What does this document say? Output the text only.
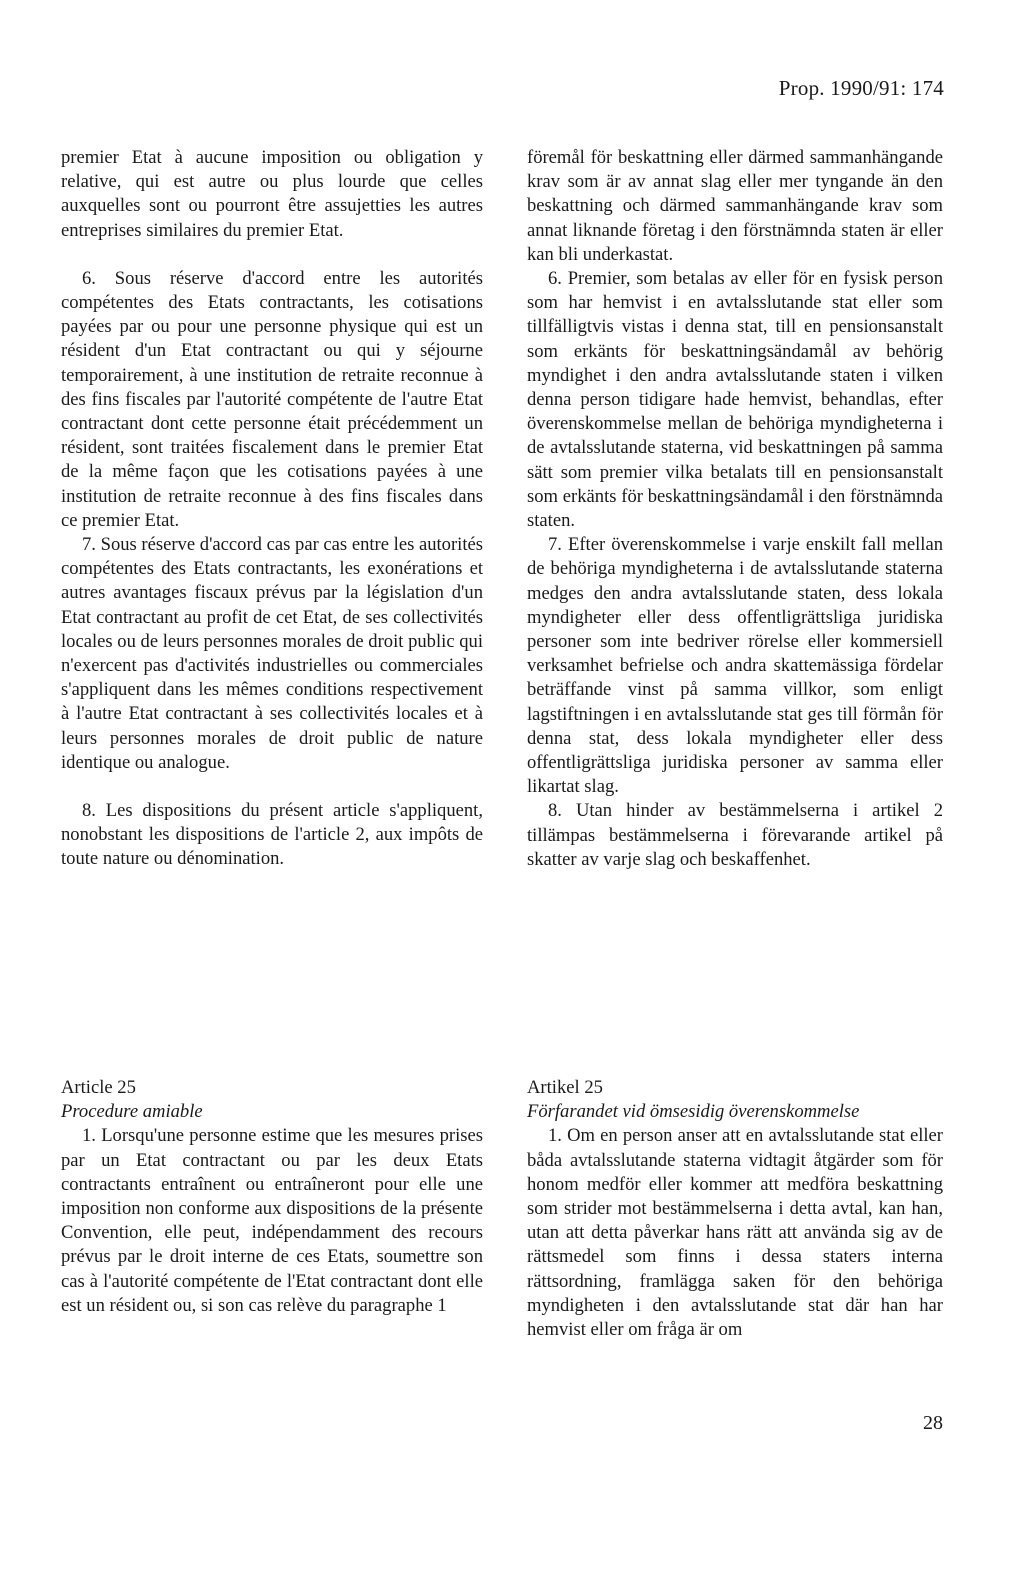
Prop. 1990/91: 174

premier Etat à aucune imposition ou obligation y relative, qui est autre ou plus lourde que celles auxquelles sont ou pourront être assujetties les autres entreprises similaires du premier Etat.

6. Sous réserve d'accord entre les autorités compétentes des Etats contractants, les cotisations payées par ou pour une personne physique qui est un résident d'un Etat contractant ou qui y séjourne temporairement, à une institution de retraite reconnue à des fins fiscales par l'autorité compétente de l'autre Etat contractant dont cette personne était précédemment un résident, sont traitées fiscalement dans le premier Etat de la même façon que les cotisations payées à une institution de retraite reconnue à des fins fiscales dans ce premier Etat.

7. Sous réserve d'accord cas par cas entre les autorités compétentes des Etats contractants, les exonérations et autres avantages fiscaux prévus par la législation d'un Etat contractant au profit de cet Etat, de ses collectivités locales ou de leurs personnes morales de droit public qui n'exercent pas d'activités industrielles ou commerciales s'appliquent dans les mêmes conditions respectivement à l'autre Etat contractant à ses collectivités locales et à leurs personnes morales de droit public de nature identique ou analogue.

8. Les dispositions du présent article s'appliquent, nonobstant les dispositions de l'article 2, aux impôts de toute nature ou dénomination.

föremål för beskattning eller därmed sammanhängande krav som är av annat slag eller mer tyngande än den beskattning och därmed sammanhängande krav som annat liknande företag i den förstnämnda staten är eller kan bli underkastat.

6. Premier, som betalas av eller för en fysisk person som har hemvist i en avtalsslutande stat eller som tillfälligtvis vistas i denna stat, till en pensionsanstalt som erkänts för beskattningsändamål av behörig myndighet i den andra avtalsslutande staten i vilken denna person tidigare hade hemvist, behandlas, efter överenskommelse mellan de behöriga myndigheterna i de avtalsslutande staterna, vid beskattningen på samma sätt som premier vilka betalats till en pensionsanstalt som erkänts för beskattningsändamål i den förstnämnda staten.

7. Efter överenskommelse i varje enskilt fall mellan de behöriga myndigheterna i de avtalsslutande staterna medges den andra avtalsslutande staten, dess lokala myndigheter eller dess offentligrättsliga juridiska personer som inte bedriver rörelse eller kommersiell verksamhet befrielse och andra skattemässiga fördelar beträffande vinst på samma villkor, som enligt lagstiftningen i en avtalsslutande stat ges till förmån för denna stat, dess lokala myndigheter eller dess offentligrättsliga juridiska personer av samma eller likartat slag.

8. Utan hinder av bestämmelserna i artikel 2 tillämpas bestämmelserna i förevarande artikel på skatter av varje slag och beskaffenhet.

Article 25

Procedure amiable

1. Lorsqu'une personne estime que les mesures prises par un Etat contractant ou par les deux Etats contractants entraînent ou entraîneront pour elle une imposition non conforme aux dispositions de la présente Convention, elle peut, indépendamment des recours prévus par le droit interne de ces Etats, soumettre son cas à l'autorité compétente de l'Etat contractant dont elle est un résident ou, si son cas relève du paragraphe 1

Artikel 25

Förfarandet vid ömsesidig överenskommelse

1. Om en person anser att en avtalsslutande stat eller båda avtalsslutande staterna vidtagit åtgärder som för honom medför eller kommer att medföra beskattning som strider mot bestämmelserna i detta avtal, kan han, utan att detta påverkar hans rätt att använda sig av de rättsmedel som finns i dessa staters interna rättsordning, framlägga saken för den behöriga myndigheten i den avtalsslutande stat där han har hemvist eller om fråga är om

28
